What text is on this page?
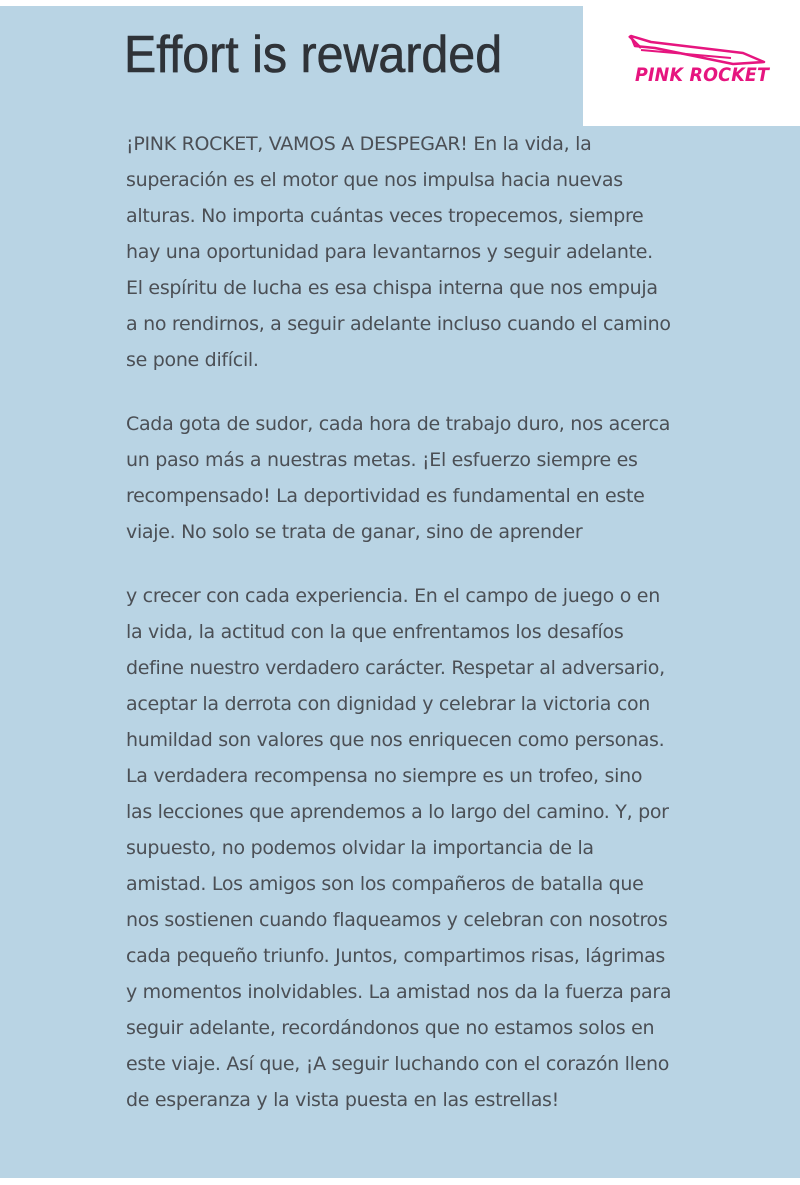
Effort is rewarded	PINK ROCKET

¡PINK ROCKET, VAMOS A DESPEGAR! En la vida, la superación es el motor que nos impulsa hacia nuevas alturas. No importa cuántas veces tropecemos, siempre hay una oportunidad para levantarnos y seguir adelante. El espíritu de lucha es esa chispa interna que nos empuja a no rendirnos, a seguir adelante incluso cuando el camino se pone difícil.

Cada gota de sudor, cada hora de trabajo duro, nos acerca un paso más a nuestras metas. ¡El esfuerzo siempre es recompensado! La deportividad es fundamental en este viaje. No solo se trata de ganar, sino de aprender

y crecer con cada experiencia. En el campo de juego o en la vida, la actitud con la que enfrentamos los desafíos define nuestro verdadero carácter. Respetar al adversario, aceptar la derrota con dignidad y celebrar la victoria con humildad son valores que nos enriquecen como personas. La verdadera recompensa no siempre es un trofeo, sino las lecciones que aprendemos a lo largo del camino. Y, por supuesto, no podemos olvidar la importancia de la amistad. Los amigos son los compañeros de batalla que nos sostienen cuando flaqueamos y celebran con nosotros cada pequeño triunfo. Juntos, compartimos risas, lágrimas y momentos inolvidables. La amistad nos da la fuerza para seguir adelante, recordándonos que no estamos solos en este viaje. Así que, ¡A seguir luchando con el corazón lleno de esperanza y la vista puesta en las estrellas!
